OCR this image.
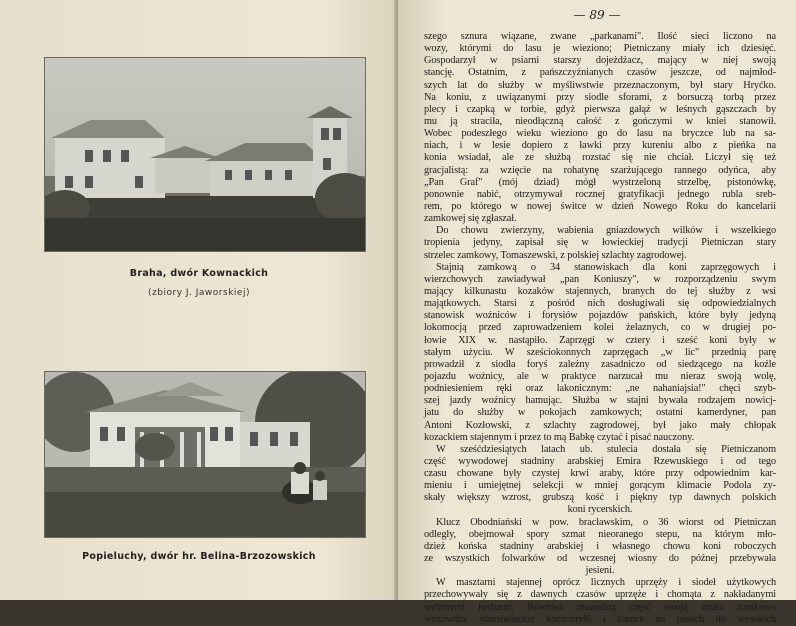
Braha, dwór Kownackich
(zbiory J. Jaworskiej)
Popieluchy, dwór hr. Belina-Brzozowskich
— 89 —
szego sznura wiązane, zwane „parkanami". Ilość sieci liczono na
wozy, którymi do lasu je wieziono; Pietniczany miały ich dziesięć.
Gospodarzył w psiarni starszy dojeżdżacz, mający w niej swoją
stancję. Ostatnim, z pańszczyźnianych czasów jeszcze, od najmłod-
szych lat do służby w myśliwstwie przeznaczonym, był stary Hryćko.
Na koniu, z uwiązanymi przy siodle sforami, z borsuczą torbą przez
plecy i czapką w torbie, gdyż pierwsza gałąź w leśnych gąszczach by
mu ją straciła, nieodłączną całość z gończymi w knieі stanowił.
Wobec podeszłego wieku wieziono go do lasu na bryczce lub na sa-
niach, i w lesie dopiero z ławki przy kureniu albo z pieńka na
konia wsiadał, ale ze służbą rozstać się nie chciał. Liczył się też
gracjalistą: za wzięcie na rohatynę szarżującego rannego odyńca, aby
„Pan Graf" (mój dziad) mógł wystrzeloną strzelbę, pistonówkę,
ponownie nabić, otrzymywał rocznej gratyfikacji jednego rubla sreb-
rem, po którego w nowej świtce w dzień Nowego Roku do kancelarii
zamkowej się zgłaszał.
Do chowu zwierzyny, wabienia gniazdowych wilków i wszelkiego
tropienia jedyny, zapisał się w łowieckiej tradycji Pietniczan stary
strzelec zamkowy, Tomaszewski, z polskiej szlachty zagrodowej.
Stajnią zamkową o 34 stanowiskach dla koni zaprzęgowych i
wierzchowych zawiadywał „pan Koniuszy", w rozporządzeniu swym
mający kilkunastu kozaków stajennych, branych do tej służby z wsi
majątkowych. Starsi z pośród nich dosługiwali się odpowiedzialnych
stanowisk woźniców i forysiów pojazdów pańskich, które były jedyną
lokomocją przed zaprowadzeniem kolei żelaznych, co w drugiej po-
łowie XIX w. nastąpiło. Zaprzęgi w cztery i sześć koni były w
stałym użyciu. W sześciokonnych zaprzęgach „w lic" przednią parę
prowadził z siodła foryś zależny zasadniczo od siedzącego na koźle
pojazdu woźnicy, ale w praktyce narzucał mu nieraz swoją wolę,
podniesieniem ręki oraz lakonicznym: „ne nahaniajsia!" chęci szyb-
szej jazdy woźnicy hamując. Służba w stajni bywała rodzajem nowicj-
jatu do służby w pokojach zamkowych; ostatni kamerdyner, pan
Antoni Kozłowski, z szlachty zagrodowej, był jako mały chłopak
kozackiem stajennym i przez to mą Babkę czytać i pisać nauczony.
W sześćdziesiątych latach ub. stulecia dostała się Pietniczanom
część wywodowej stadniny arabskiej Emira Rzewuskiego i od tego
czasu chowane były czystej krwi araby, które przy odpowiednim kar-
mieniu i umiejętnej selekcji w mniej gorącym klimacie Podola zy-
skały większy wzrost, grubszą kość i piękny typ dawnych polskich
koni rycerskich.
Klucz Obodniański w pow. bracławskim, o 36 wiorst od Pietniczan
odległy, obejmował spory szmat nieoranego stepu, na którym mło-
dzież końska stadniny arabskiej i własnego chowu koni roboczych
ze wszystkich folwarków od wczesnej wiosny do późnej przebywała
jesieni.
W masztarni stajennej oprócz licznych uprzęży i siodeł użytkowych
przechowywały się z dawnych czasów uprzęże i chomąta z nakładanymi
srebrnymi herbami. Również muzealną część swoją miała zamkowa
wozownia: staroświeckie koczobryki i karoce na pasach do wysokich
